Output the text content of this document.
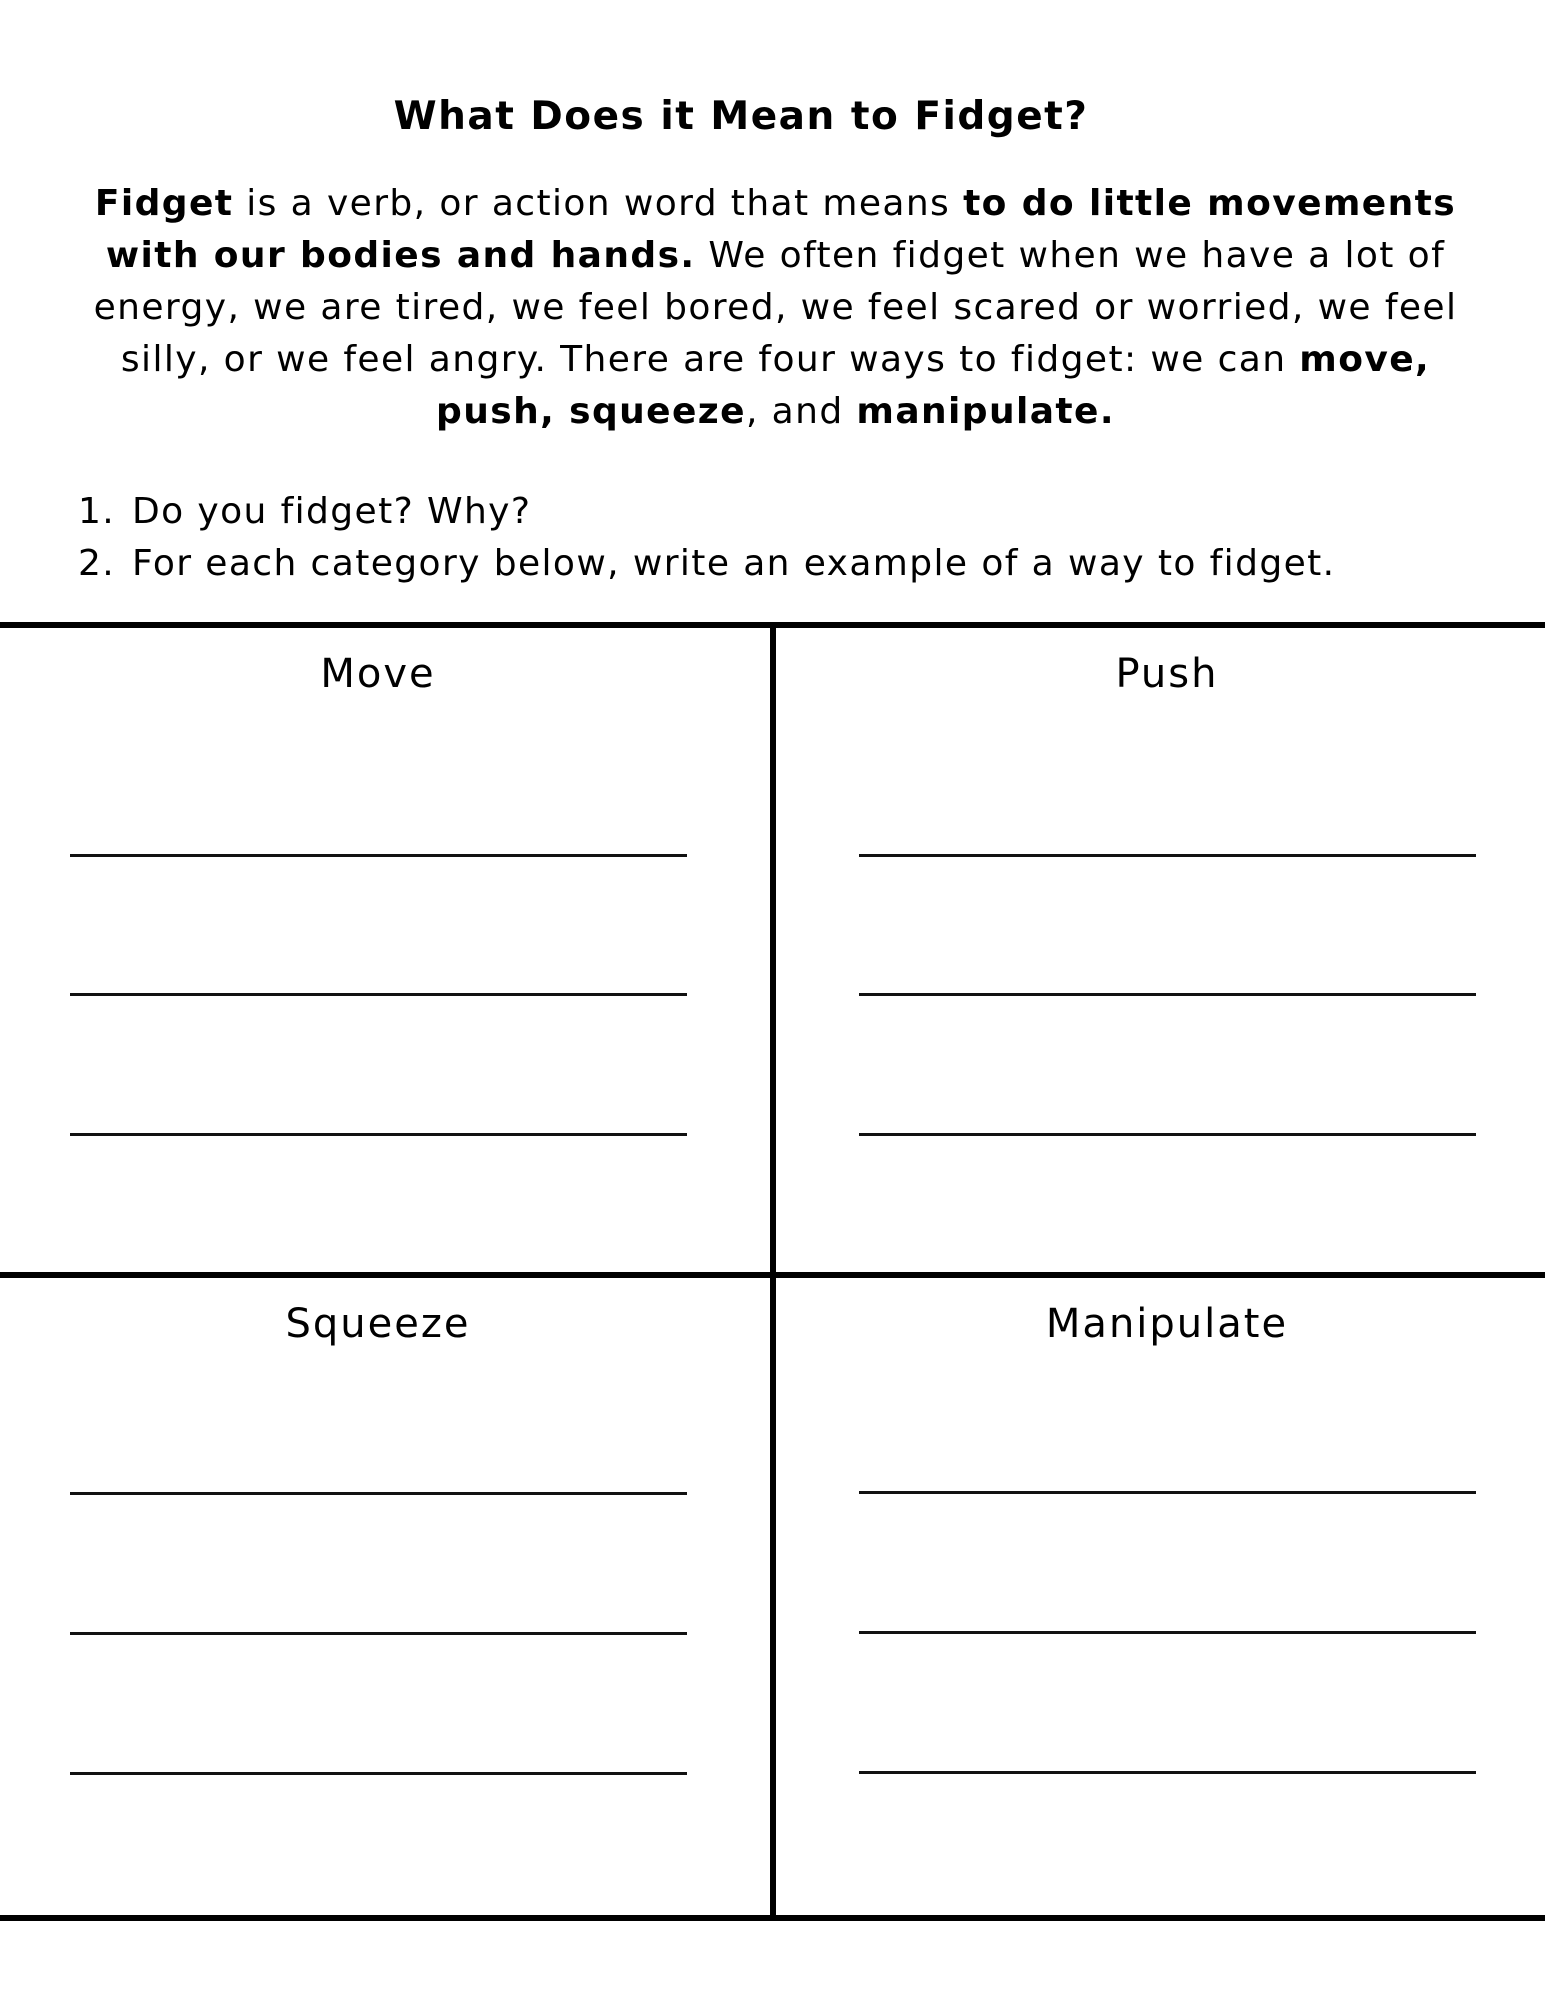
What Does it Mean to Fidget?

Fidget is a verb, or action word that means to do little movements with our bodies and hands. We often fidget when we have a lot of energy, we are tired, we feel bored, we feel scared or worried, we feel silly, or we feel angry. There are four ways to fidget: we can move, push, squeeze, and manipulate.

1. Do you fidget? Why?
2. For each category below, write an example of a way to fidget.
Move	Push
Squeeze	Manipulate
